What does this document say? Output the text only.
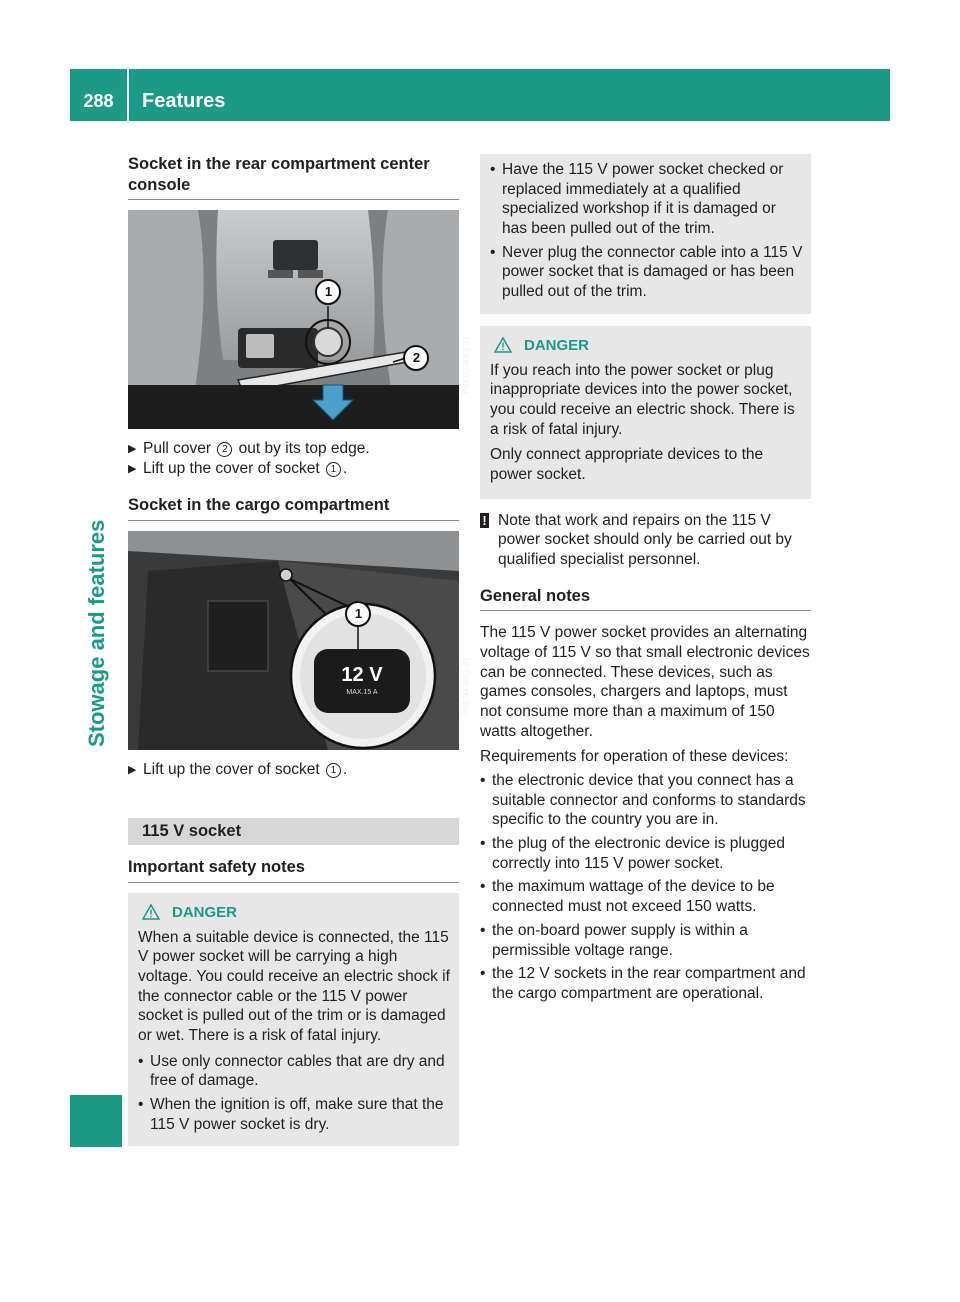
288	Features
Stowage and features
Socket in the rear compartment center console
1
2	P68.00-3061-31

▶ Pull cover 2 out by its top edge.

▶ Lift up the cover of socket 1 .

Socket in the cargo compartment
1
12 V
MAX.15 A	P68.00-3062-31

▶ Lift up the cover of socket 1 .

115 V socket
Important safety notes
DANGER

When a suitable device is connected, the 115 V power socket will be carrying a high voltage. You could receive an electric shock if the connector cable or the 115 V power socket is pulled out of the trim or is damaged or wet. There is a risk of fatal injury.

• Use only connector cables that are dry and free of damage.
• When the ignition is off, make sure that the 115 V power socket is dry.
• Have the 115 V power socket checked or replaced immediately at a qualified specialized workshop if it is damaged or has been pulled out of the trim.
• Never plug the connector cable into a 115 V power socket that is damaged or has been pulled out of the trim.
DANGER

If you reach into the power socket or plug inappropriate devices into the power socket, you could receive an electric shock. There is a risk of fatal injury.

Only connect appropriate devices to the power socket.

! Note that work and repairs on the 115 V power socket should only be carried out by qualified specialist personnel.
General notes

The 115 V power socket provides an alternating voltage of 115 V so that small electronic devices can be connected. These devices, such as games consoles, chargers and laptops, must not consume more than a maximum of 150 watts altogether.

Requirements for operation of these devices:

• the electronic device that you connect has a suitable connector and conforms to standards specific to the country you are in.
• the plug of the electronic device is plugged correctly into 115 V power socket.
• the maximum wattage of the device to be connected must not exceed 150 watts.
• the on-board power supply is within a permissible voltage range.
• the 12 V sockets in the rear compartment and the cargo compartment are operational.
